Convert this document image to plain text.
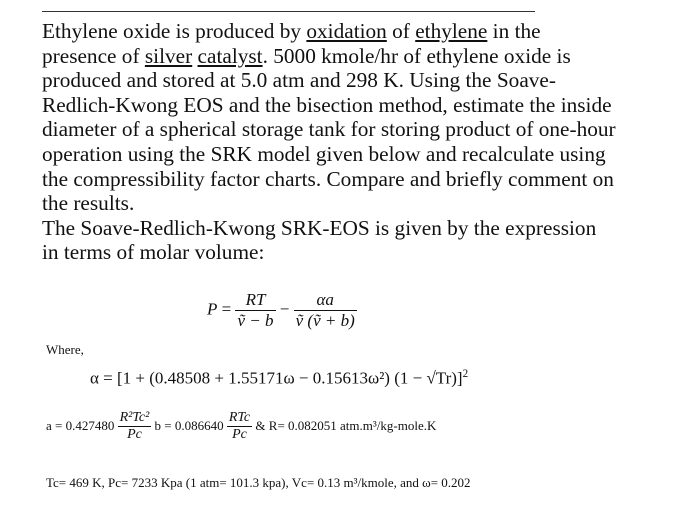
Ethylene oxide is produced by oxidation of ethylene in the
presence of silver catalyst. 5000 kmole/hr of ethylene oxide is
produced and stored at 5.0 atm and 298 K. Using the Soave-
Redlich-Kwong EOS and the bisection method, estimate the inside
diameter of a spherical storage tank for storing product of one-hour
operation using the SRK model given below and recalculate using
the compressibility factor charts. Compare and briefly comment on
the results.
The Soave-Redlich-Kwong SRK-EOS is given by the expression
in terms of molar volume:
$P = \frac{RT}{\text{ṽ − b}} - \frac{\alpha a}{\text{ṽ (ṽ + b)}}$
Where,
α = [1 + (0.48508 + 1.55171ω − 0.15613ω²) (1 − √Tr)]$^2$
$a = 0.427480 \frac{\text{R²Tc²}}{Pc}$ $b = 0.086640 \frac{\text{RTc}}{Pc}$ & R= 0.082051 atm.m³/kg-mole.K
Tc= 469 K, Pc= 7233 Kpa (1 atm= 101.3 kpa), Vc= 0.13 m³/kmole, and ω= 0.202
